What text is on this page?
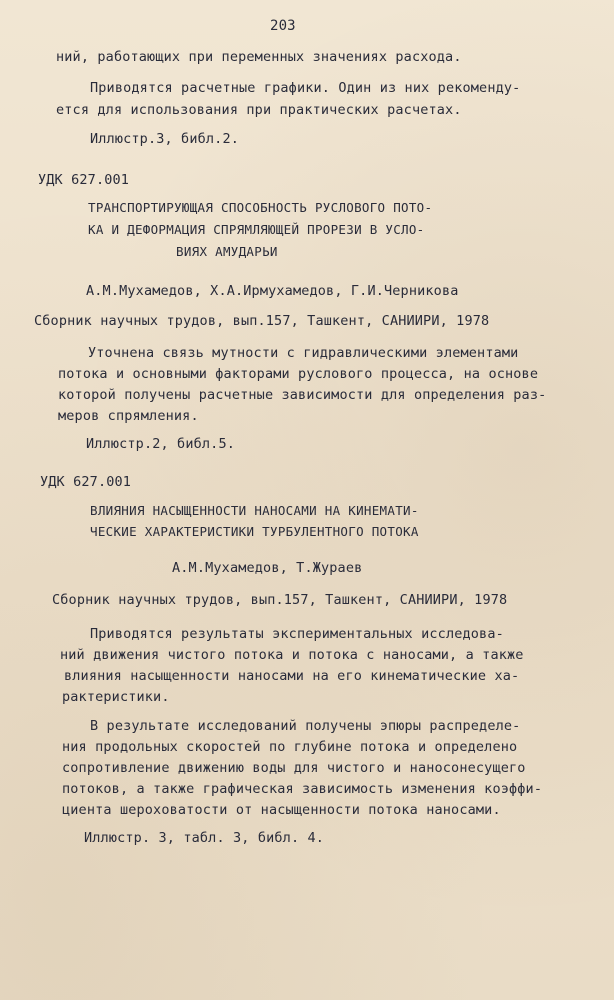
203
ний, работающих при переменных значениях расхода.
Приводятся расчетные графики. Один из них рекоменду-
ется для использования при практических расчетах.
Иллюстр.3, библ.2.
УДК 627.001
ТРАНСПОРТИРУЮЩАЯ СПОСОБНОСТЬ РУСЛОВОГО ПОТО-
КА И ДЕФОРМАЦИЯ СПРЯМЛЯЮЩЕЙ ПРОРЕЗИ В УСЛО-
ВИЯХ АМУДАРЬИ
А.М.Мухамедов, Х.А.Ирмухамедов, Г.И.Черникова
Сборник научных трудов, вып.157, Ташкент, САНИИРИ, 1978
Уточнена связь мутности с гидравлическими элементами
потока и основными факторами руслового процесса, на основе
которой получены расчетные зависимости для определения раз-
меров спрямления.
Иллюстр.2, библ.5.
УДК 627.001
ВЛИЯНИЯ НАСЫЩЕННОСТИ НАНОСАМИ НА КИНЕМАТИ-
ЧЕСКИЕ ХАРАКТЕРИСТИКИ ТУРБУЛЕНТНОГО ПОТОКА
А.М.Мухамедов, Т.Жураев
Сборник научных трудов, вып.157, Ташкент, САНИИРИ, 1978
Приводятся результаты экспериментальных исследова-
ний движения чистого потока и потока с наносами, а также
влияния насыщенности наносами на его кинематические ха-
рактеристики.
В результате исследований получены эпюры распределе-
ния продольных скоростей по глубине потока и определено
сопротивление движению воды для чистого и наносонесущего
потоков, а также графическая зависимость изменения коэффи-
циента шероховатости от насыщенности потока наносами.
Иллюстр. 3, табл. 3, библ. 4.
